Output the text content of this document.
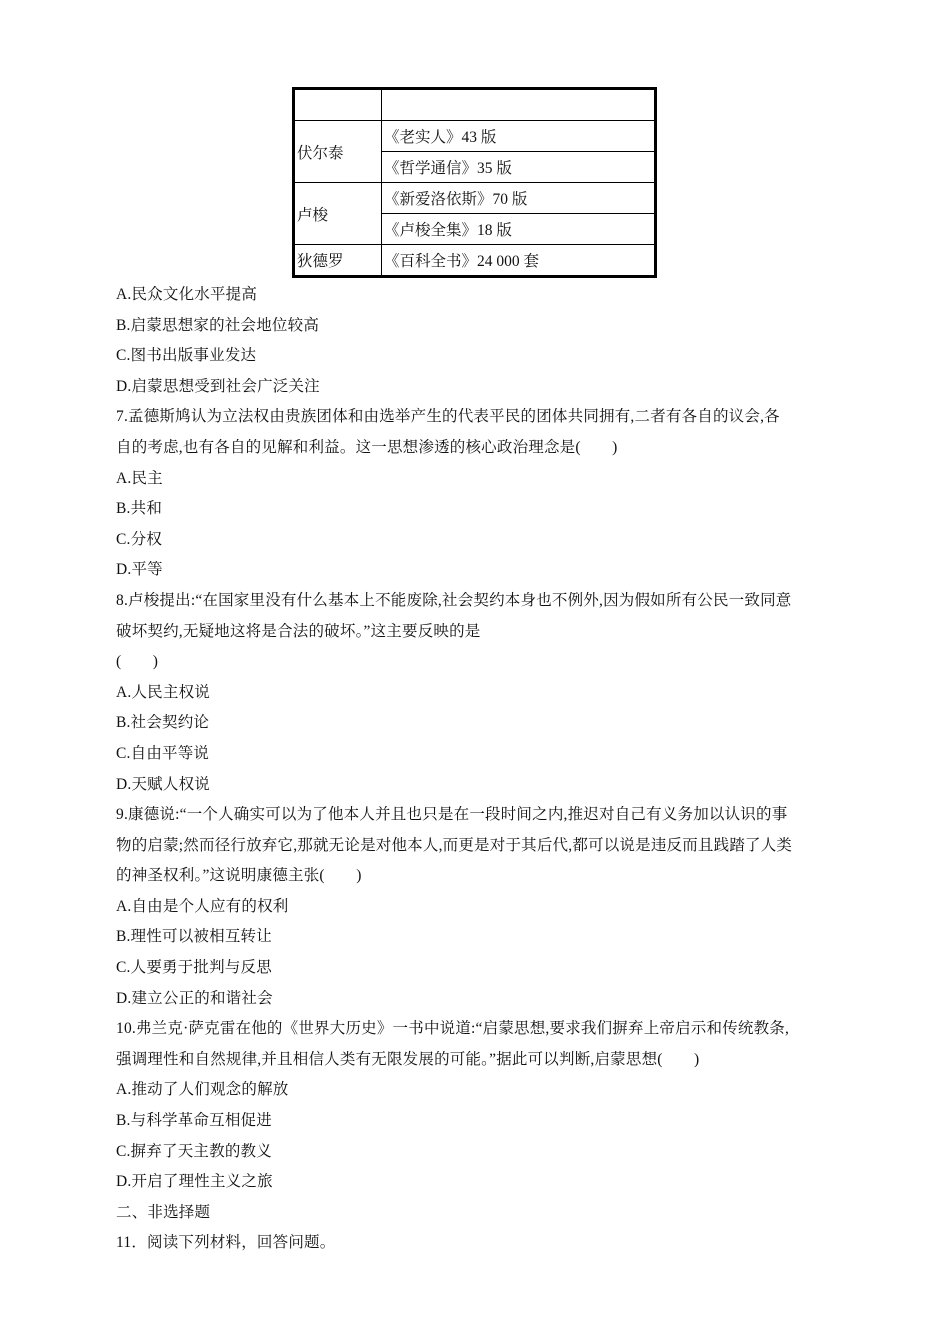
伏尔泰	《老实人》43 版
	《哲学通信》35 版
卢梭	《新爱洛依斯》70 版
	《卢梭全集》18 版
狄德罗	《百科全书》24 000 套
A.民众文化水平提高
B.启蒙思想家的社会地位较高
C.图书出版事业发达
D.启蒙思想受到社会广泛关注
7.孟德斯鸠认为立法权由贵族团体和由选举产生的代表平民的团体共同拥有,二者有各自的议会,各
自的考虑,也有各自的见解和利益。这一思想渗透的核心政治理念是(　　)
A.民主
B.共和
C.分权
D.平等
8.卢梭提出:“在国家里没有什么基本上不能废除,社会契约本身也不例外,因为假如所有公民一致同意
破坏契约,无疑地这将是合法的破坏。”这主要反映的是
(　　)
A.人民主权说
B.社会契约论
C.自由平等说
D.天赋人权说
9.康德说:“一个人确实可以为了他本人并且也只是在一段时间之内,推迟对自己有义务加以认识的事
物的启蒙;然而径行放弃它,那就无论是对他本人,而更是对于其后代,都可以说是违反而且践踏了人类
的神圣权利。”这说明康德主张(　　)
A.自由是个人应有的权利
B.理性可以被相互转让
C.人要勇于批判与反思
D.建立公正的和谐社会
10.弗兰克·萨克雷在他的《世界大历史》一书中说道:“启蒙思想,要求我们摒弃上帝启示和传统教条,
强调理性和自然规律,并且相信人类有无限发展的可能。”据此可以判断,启蒙思想(　　)
A.推动了人们观念的解放
B.与科学革命互相促进
C.摒弃了天主教的教义
D.开启了理性主义之旅
二、非选择题
11．阅读下列材料，回答问题。
